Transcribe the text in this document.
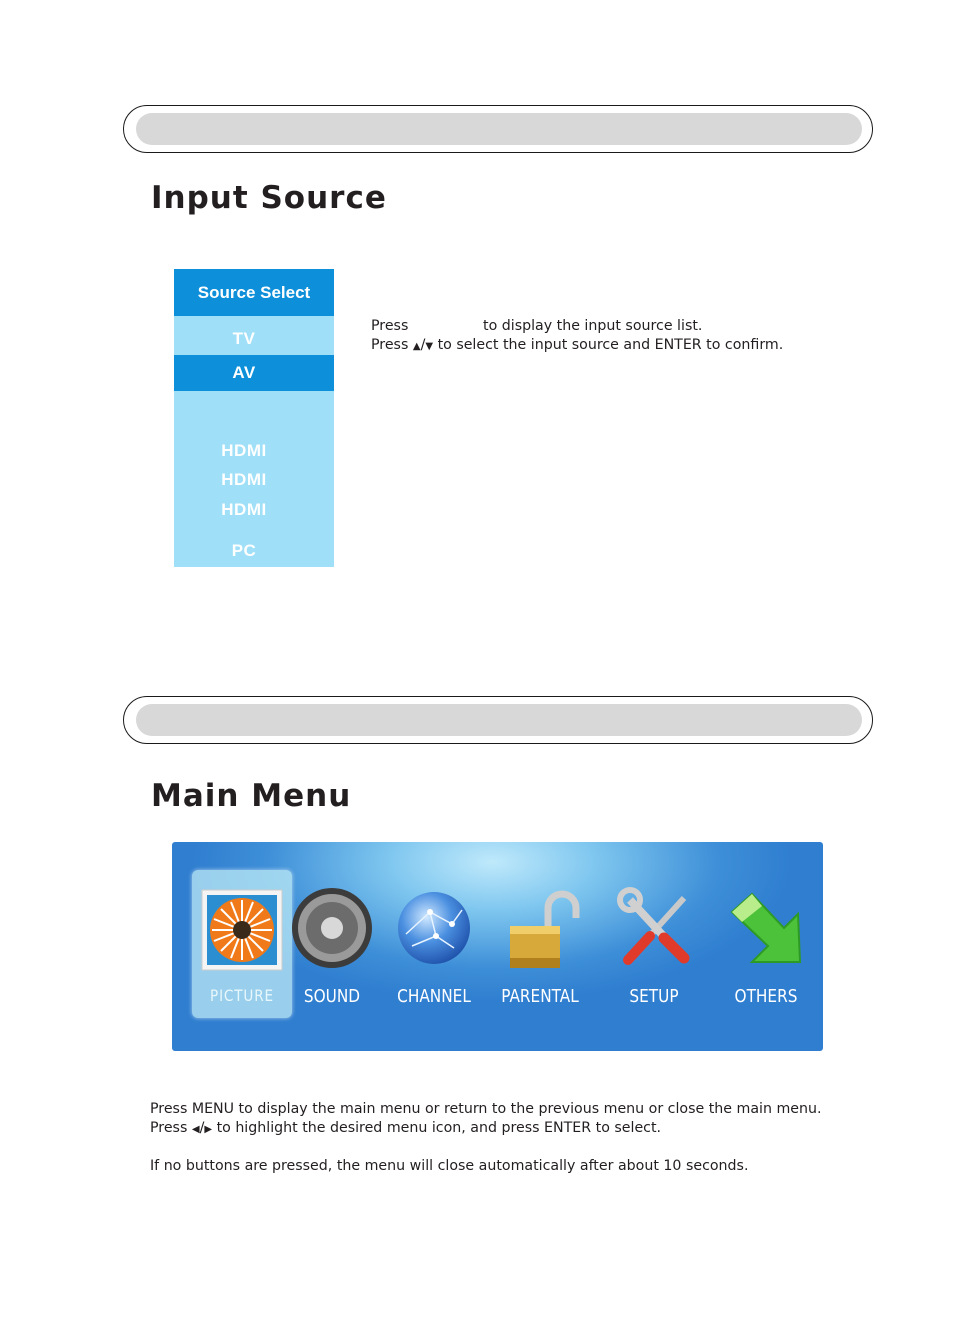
Input Source
Source Select
TV
AV
HDMI
HDMI
HDMI
PC

Press	to display the input source list.

Press ▲/▼ to select the input source and ENTER to confirm.

Main Menu
PICTURE	SOUND	CHANNEL	PARENTAL	SETUP	OTHERS

Press MENU to display the main menu or return to the previous menu or close the main menu.

Press ◀/▶ to highlight the desired menu icon, and press ENTER to select.

If no buttons are pressed, the menu will close automatically after about 10 seconds.
